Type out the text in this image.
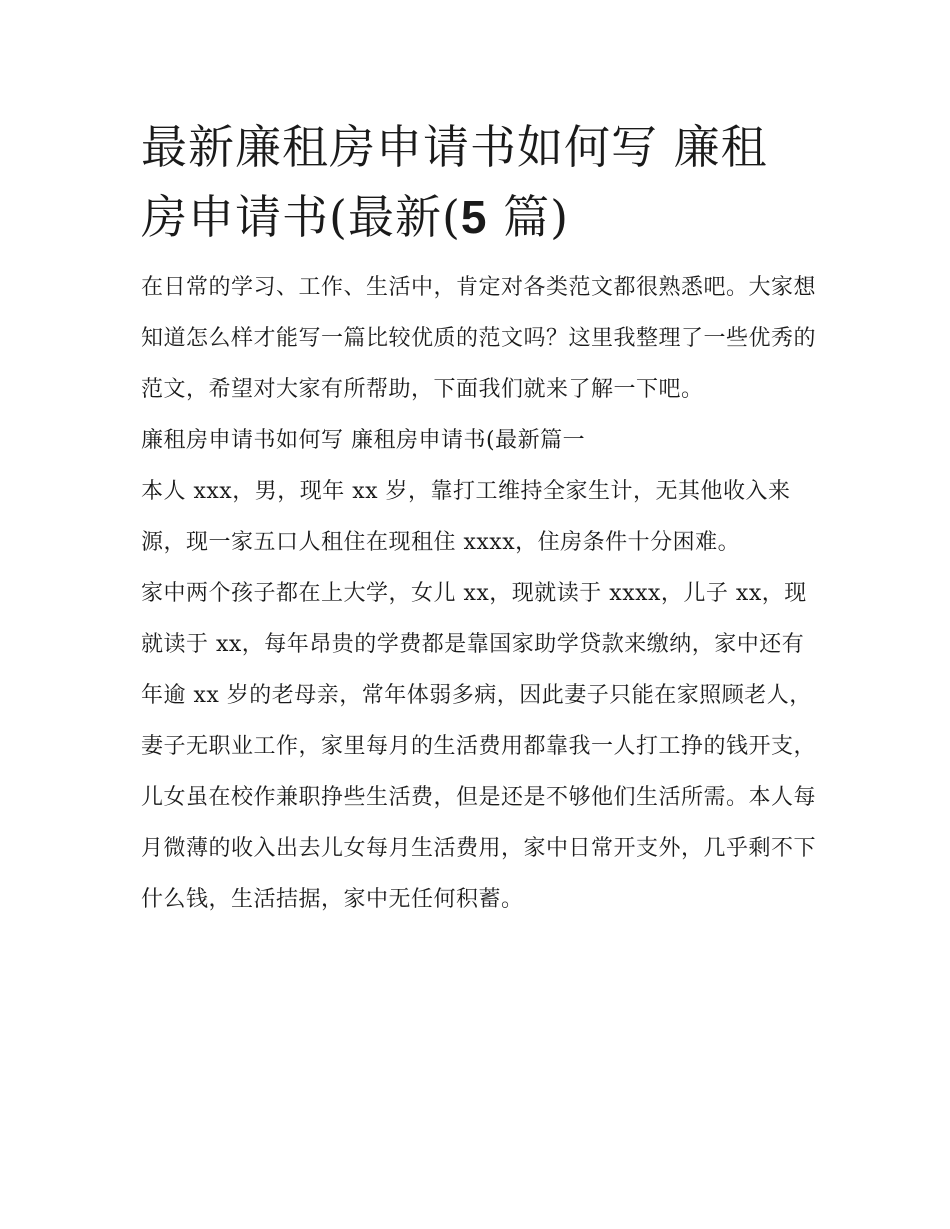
最新廉租房申请书如何写 廉租
房申请书(最新(5 篇)

在日常的学习、工作、生活中，肯定对各类范文都很熟悉吧。大家想知道怎么样才能写一篇比较优质的范文吗？这里我整理了一些优秀的范文，希望对大家有所帮助，下面我们就来了解一下吧。

廉租房申请书如何写 廉租房申请书(最新篇一

本人 xxx，男，现年 xx 岁，靠打工维持全家生计，无其他收入来源，现一家五口人租住在现租住 xxxx，住房条件十分困难。

家中两个孩子都在上大学，女儿 xx，现就读于 xxxx，儿子 xx，现就读于 xx，每年昂贵的学费都是靠国家助学贷款来缴纳，家中还有年逾 xx 岁的老母亲，常年体弱多病，因此妻子只能在家照顾老人，妻子无职业工作，家里每月的生活费用都靠我一人打工挣的钱开支，儿女虽在校作兼职挣些生活费，但是还是不够他们生活所需。本人每月微薄的收入出去儿女每月生活费用，家中日常开支外，几乎剩不下什么钱，生活拮据，家中无任何积蓄。
